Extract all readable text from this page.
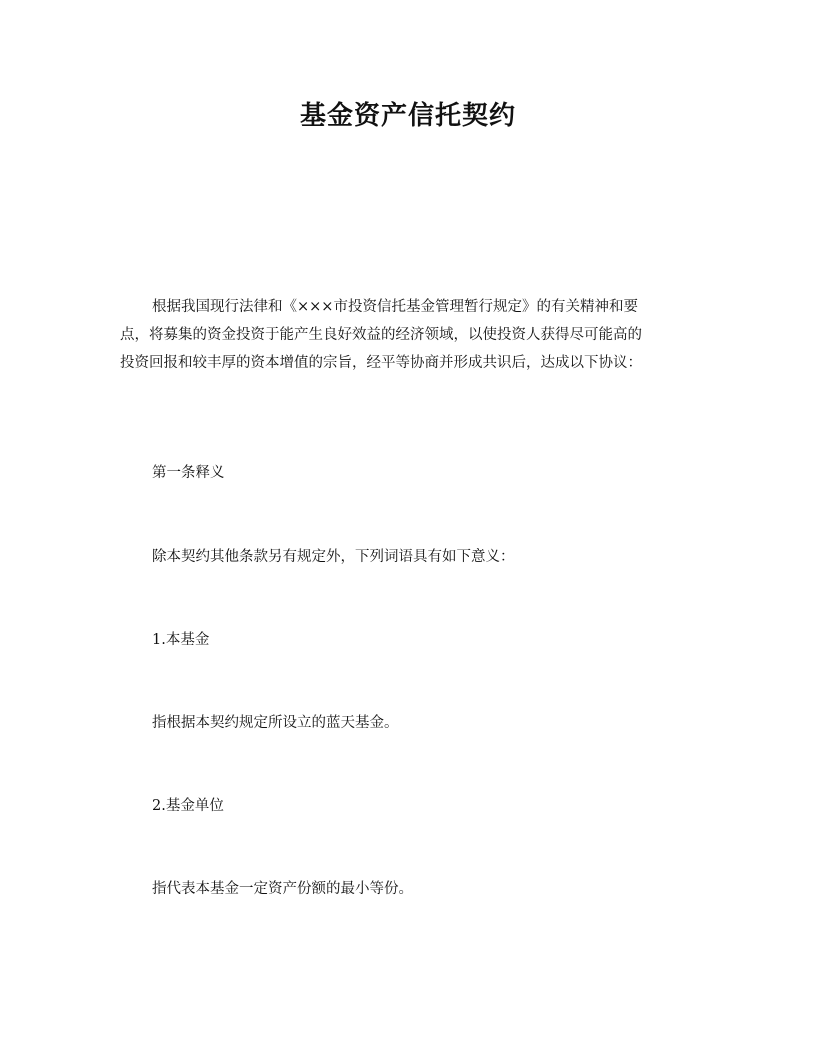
基金资产信托契约

根据我国现行法律和《×××市投资信托基金管理暂行规定》的有关精神和要
点，将募集的资金投资于能产生良好效益的经济领域，以使投资人获得尽可能高的
投资回报和较丰厚的资本增值的宗旨，经平等协商并形成共识后，达成以下协议：

第一条释义

除本契约其他条款另有规定外，下列词语具有如下意义：

1.本基金

指根据本契约规定所设立的蓝天基金。

2.基金单位

指代表本基金一定资产份额的最小等份。
